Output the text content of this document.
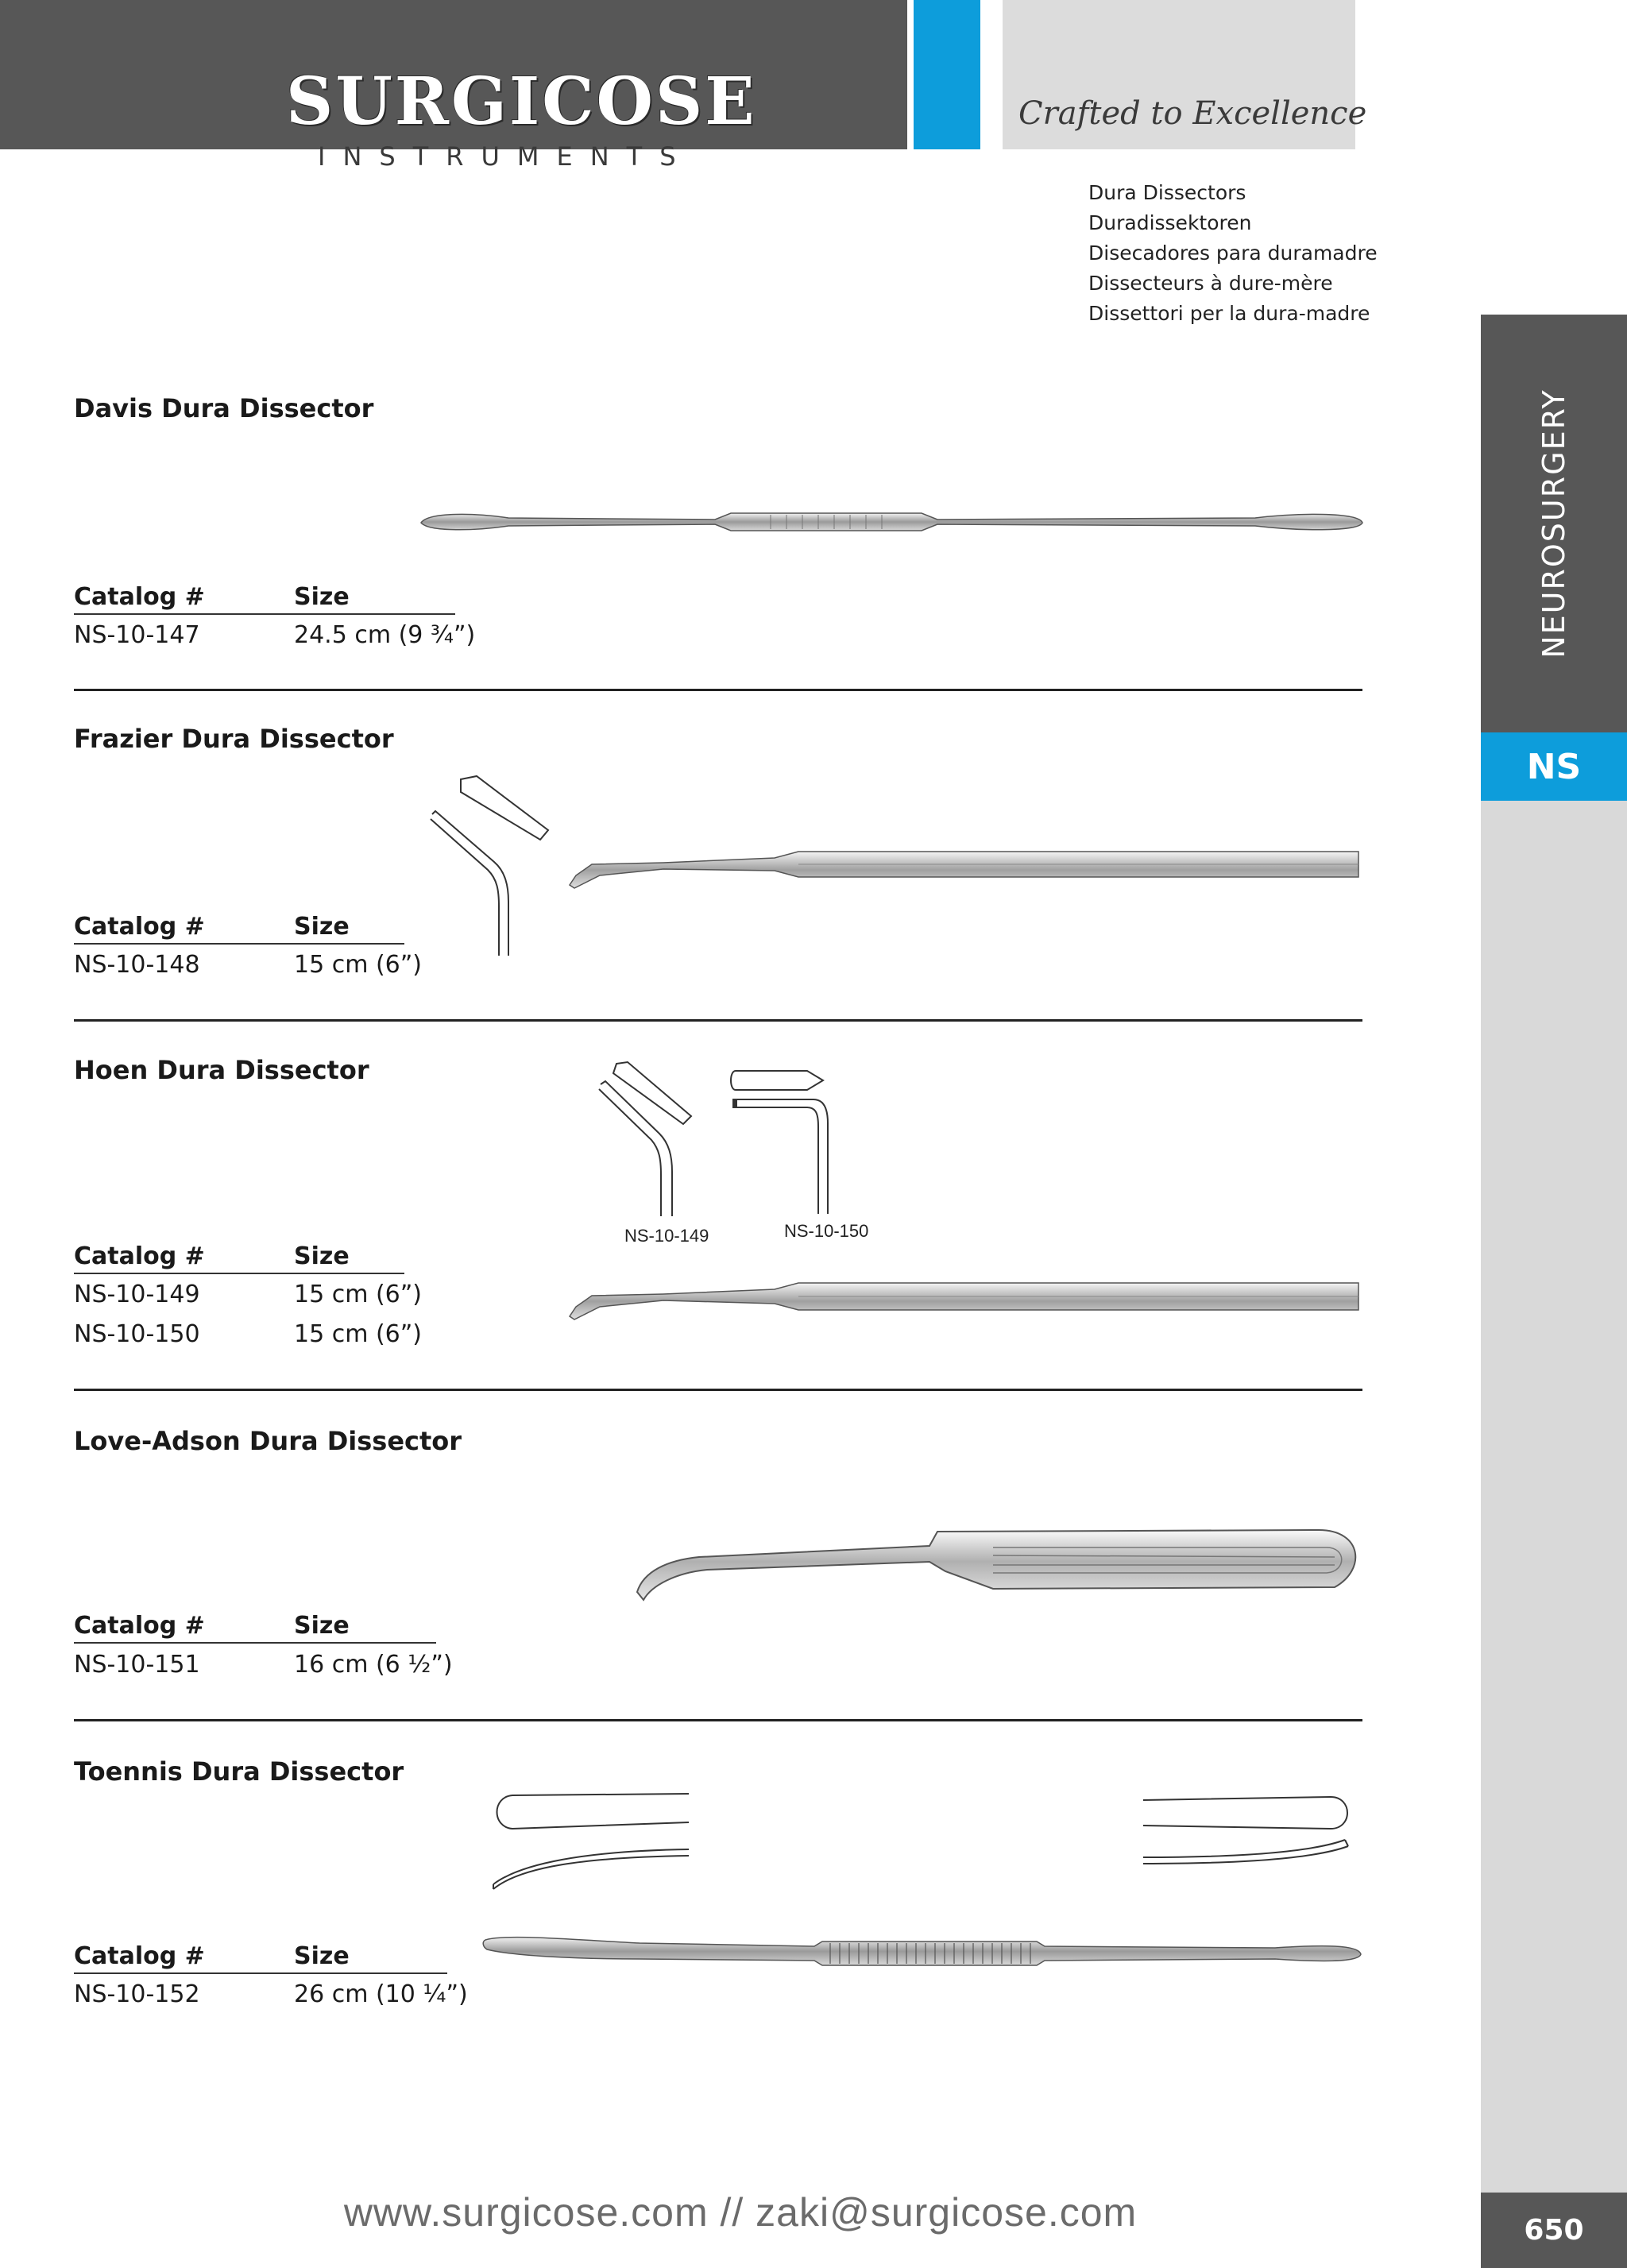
SURGICOSE
INSTRUMENTS
Crafted to Excellence
Dura Dissectors
Duradissektoren
Disecadores para duramadre
Dissecteurs à dure-mère
Dissettori per la dura-madre
NEUROSURGERY
NS
650
Davis Dura Dissector
Catalog #	Size
NS-10-147	24.5 cm (9 ¾”)
Frazier Dura Dissector
Catalog #	Size
NS-10-148	15 cm (6”)
Hoen Dura Dissector
NS-10-149	NS-10-150
Catalog #	Size
NS-10-149	15 cm (6”)
NS-10-150	15 cm (6”)
Love-Adson Dura Dissector
Catalog #	Size
NS-10-151	16 cm (6 ½”)
Toennis Dura Dissector
Catalog #	Size
NS-10-152	26 cm (10 ¼”)
www.surgicose.com // zaki@surgicose.com
